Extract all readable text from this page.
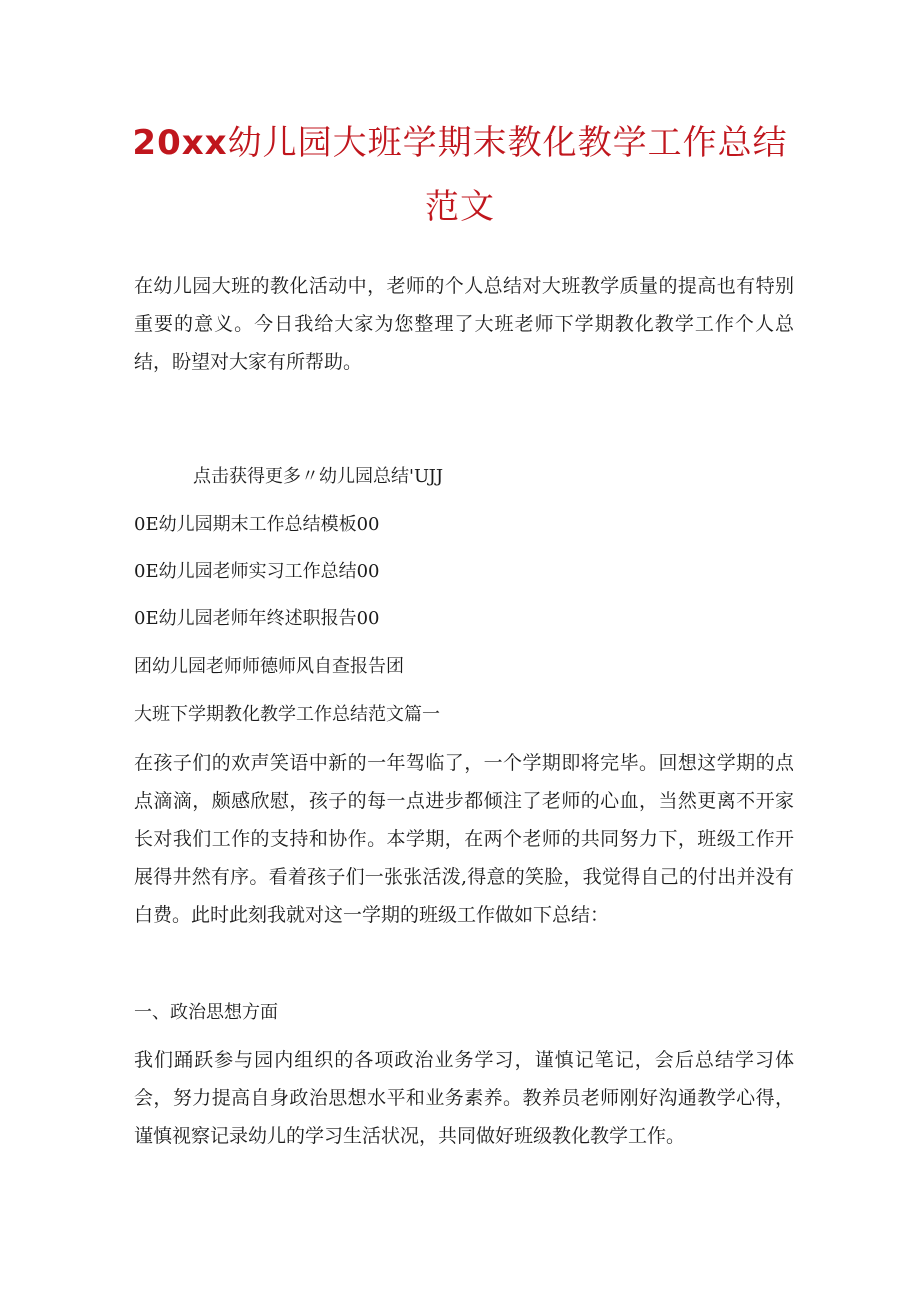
20xx幼儿园大班学期末教化教学工作总结
范文

在幼儿园大班的教化活动中，老师的个人总结对大班教学质量的提高也有特别重要的意义。今日我给大家为您整理了大班老师下学期教化教学工作个人总结，盼望对大家有所帮助。

点击获得更多〃幼儿园总结'UJJ

0E幼儿园期末工作总结模板00

0E幼儿园老师实习工作总结00

0E幼儿园老师年终述职报告00

团幼儿园老师师德师风自查报告团

大班下学期教化教学工作总结范文篇一

在孩子们的欢声笑语中新的一年驾临了，一个学期即将完毕。回想这学期的点点滴滴，颇感欣慰，孩子的每一点进步都倾注了老师的心血，当然更离不开家长对我们工作的支持和协作。本学期，在两个老师的共同努力下，班级工作开展得井然有序。看着孩子们一张张活泼,得意的笑脸，我觉得自己的付出并没有白费。此时此刻我就对这一学期的班级工作做如下总结：

一、政治思想方面

我们踊跃参与园内组织的各项政治业务学习，谨慎记笔记，会后总结学习体会，努力提高自身政治思想水平和业务素养。教养员老师刚好沟通教学心得，谨慎视察记录幼儿的学习生活状况，共同做好班级教化教学工作。
